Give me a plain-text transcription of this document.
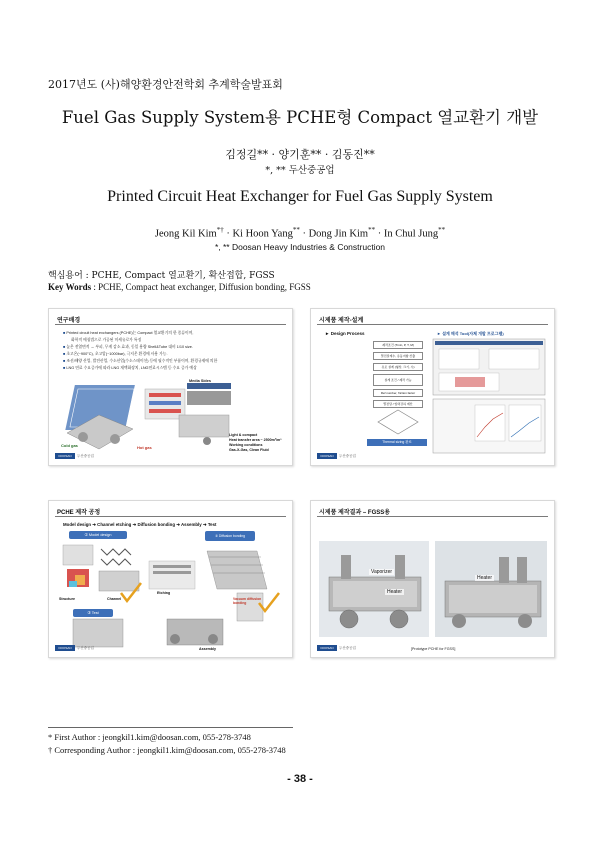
2017년도 (사)해양환경안전학회 추계학술발표회
Fuel Gas Supply System용 PCHE형 Compact 열교환기 개발
김정길** · 양기훈** · 김동진**
*, ** 두산중공업
Printed Circuit Heat Exchanger for Fuel Gas Supply System
Jeong Kil Kim*† · Ki Hoon Yang** · Dong Jin Kim** · In Chul Jung**
*, ** Doosan Heavy Industries & Construction
핵심용어 : PCHE, Compact 열교환기, 확산접합, FGSS
Key Words : PCHE, Compact heat exchanger, Diffusion bonding, FGSS
연구배경
■ Printed circuit heat exchangers (PCHE)는 Compact 열교환기의 한 종류이며,
화학적 에칭법으로 가공된 미세유로가 특징
■ 높은 전열면적 → 부피, 무게 감소 효과, 동일 용량 Shell&Tube 대비 1/10 size.
■ 초고온(~900°C), 초고압(~1000bar), 극저온 환경에 사용 가능.
■ 조선/해양 산업, 발전산업, 수소산업(수소스테이션) 등에 필수적인 부품이며, 환경규제에 의한
■ LNG 연료 수요증가에 따라 LNG 재액화장치, LNG연료시스템 등 수요 증가 예상
Cold gas	Hot gas
Media Sides
Light & compact
Heat transfer area ~ 2500m²/m³
Working conditions
Gas-X-Gas, Clean Fluid
DOOSAN	두산중공업
시제품 제작-설계
► Design Process	► 설계 해석 Tool(자체 개발 프로그램)
제작조건 (Tmin, P, T, M)
열전달계수, 유동저항 산출
유로 설계 (형상, 크기, 수)
설계 조건 / 제작 가능
Ref number, friction factor
열전달 / 압력강하 계산
Thermal sizing 완료
DOOSAN	두산중공업
PCHE 제작 공정
Model design ➜ Channel etching ➜ Diffusion bonding ➜ Assembly ➜ Test
① Model design	② Diffusion bonding
③ Test
Structure	Channel
Etching
Vacuum diffusion bonding
Assembly
DOOSAN	두산중공업
시제품 제작결과 – FGSS용
Vaporizer
Heater
Heater
[Prototype PCHE for FGSS]
DOOSAN	두산중공업
* First Author : jeongkil1.kim@doosan.com, 055-278-3748
† Corresponding Author : jeongkil1.kim@doosan.com, 055-278-3748
- 38 -
